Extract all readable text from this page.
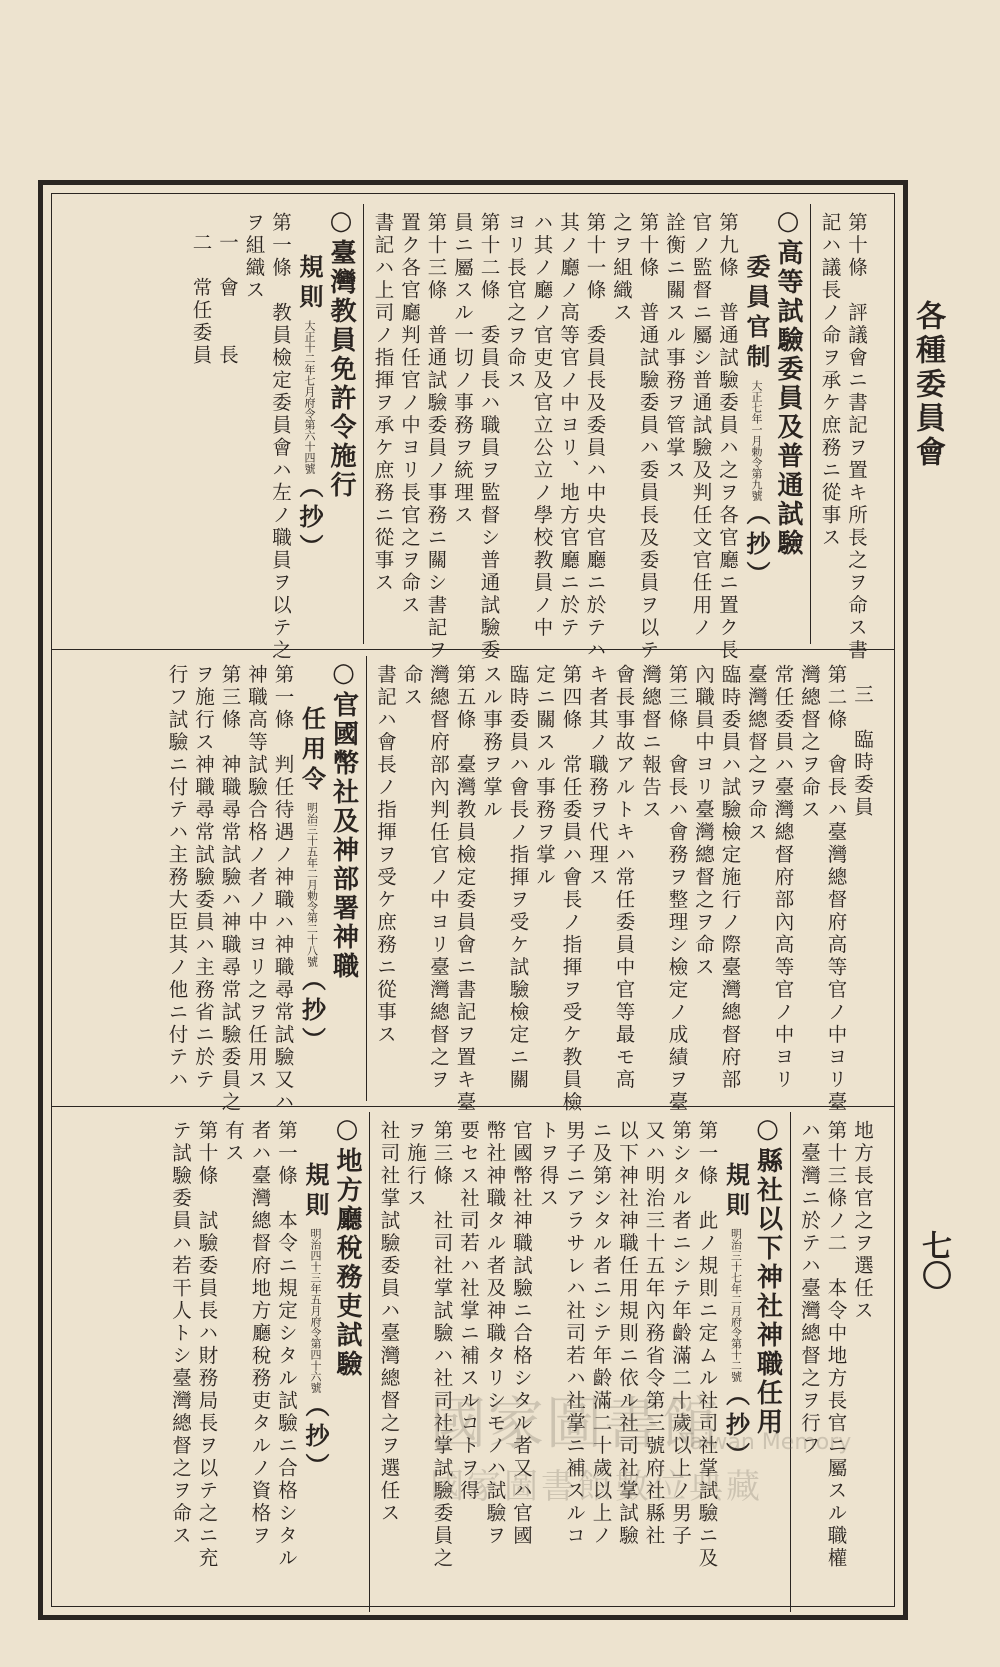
各種委員會
七〇
第十條　評議會ニ書記ヲ置キ所長之ヲ命ス書
記ハ議長ノ命ヲ承ケ庶務ニ從事ス
○高等試驗委員及普通試驗
委員官制大正七年一月勅令第九號（抄）
第九條　普通試驗委員ハ之ヲ各官廳ニ置ク長
官ノ監督ニ屬シ普通試驗及判任文官任用ノ
詮衡ニ關スル事務ヲ管掌ス
第十條　普通試驗委員ハ委員長及委員ヲ以テ
之ヲ組織ス
第十一條　委員長及委員ハ中央官廳ニ於テハ
其ノ廳ノ高等官ノ中ヨリ、地方官廳ニ於テ
ハ其ノ廳ノ官吏及官立公立ノ學校教員ノ中
ヨリ長官之ヲ命ス
第十二條　委員長ハ職員ヲ監督シ普通試驗委
員ニ屬スル一切ノ事務ヲ統理ス
第十三條　普通試驗委員ノ事務ニ關シ書記ヲ
置ク各官廳判任官ノ中ヨリ長官之ヲ命ス
書記ハ上司ノ指揮ヲ承ケ庶務ニ從事ス
○臺灣教員免許令施行
規則大正十二年七月府令第六十四號（抄）
第一條　教員檢定委員會ハ左ノ職員ヲ以テ之
ヲ組織ス
一　會　　長
二　常任委員
三　臨時委員
第二條　會長ハ臺灣總督府高等官ノ中ヨリ臺
灣總督之ヲ命ス
常任委員ハ臺灣總督府部內高等官ノ中ヨリ
臺灣總督之ヲ命ス
臨時委員ハ試驗檢定施行ノ際臺灣總督府部
內職員中ヨリ臺灣總督之ヲ命ス
第三條　會長ハ會務ヲ整理シ檢定ノ成績ヲ臺
灣總督ニ報告ス
會長事故アルトキハ常任委員中官等最モ高
キ者其ノ職務ヲ代理ス
第四條　常任委員ハ會長ノ指揮ヲ受ケ教員檢
定ニ關スル事務ヲ掌ル
臨時委員ハ會長ノ指揮ヲ受ケ試驗檢定ニ關
スル事務ヲ掌ル
第五條　臺灣教員檢定委員會ニ書記ヲ置キ臺
灣總督府部內判任官ノ中ヨリ臺灣總督之ヲ
命ス
書記ハ會長ノ指揮ヲ受ケ庶務ニ從事ス
○官國幣社及神部署神職
任用令明治三十五年二月勅令第二十八號（抄）
第一條　判任待遇ノ神職ハ神職尋常試驗又ハ
神職高等試驗合格ノ者ノ中ヨリ之ヲ任用ス
第三條　神職尋常試驗ハ神職尋常試驗委員之
ヲ施行ス神職尋常試驗委員ハ主務省ニ於テ
行フ試驗ニ付テハ主務大臣其ノ他ニ付テハ
地方長官之ヲ選任ス
第十三條ノ二　本令中地方長官ニ屬スル職權
ハ臺灣ニ於テハ臺灣總督之ヲ行フ
○縣社以下神社神職任用
規則明治三十七年二月府令第十二號（抄）
第一條　此ノ規則ニ定ムル社司社掌試驗ニ及
第シタル者ニシテ年齡滿二十歲以上ノ男子
又ハ明治三十五年內務省令第三號府社縣社
以下神社神職任用規則ニ依ル社司社掌試驗
ニ及第シタル者ニシテ年齡滿二十歲以上ノ
男子ニアラサレハ社司若ハ社掌ニ補スルコ
トヲ得ス
官國幣社神職試驗ニ合格シタル者又ハ官國
幣社神職タル者及神職タリシモノハ試驗ヲ
要セス社司若ハ社掌ニ補スルコトヲ得
第三條　社司社掌試驗ハ社司社掌試驗委員之
ヲ施行ス
社司社掌試驗委員ハ臺灣總督之ヲ選任ス
○地方廳稅務吏試驗
規則明治四十三年五月府令第四十六號（抄）
第一條　本令ニ規定シタル試驗ニ合格シタル
者ハ臺灣總督府地方廳稅務吏タルノ資格ヲ
有ス
第十條　試驗委員長ハ財務局長ヲ以テ之ニ充
テ試驗委員ハ若干人トシ臺灣總督之ヲ命ス	國家圖書館
Taiwan Memory
國家圖書館數位典藏
